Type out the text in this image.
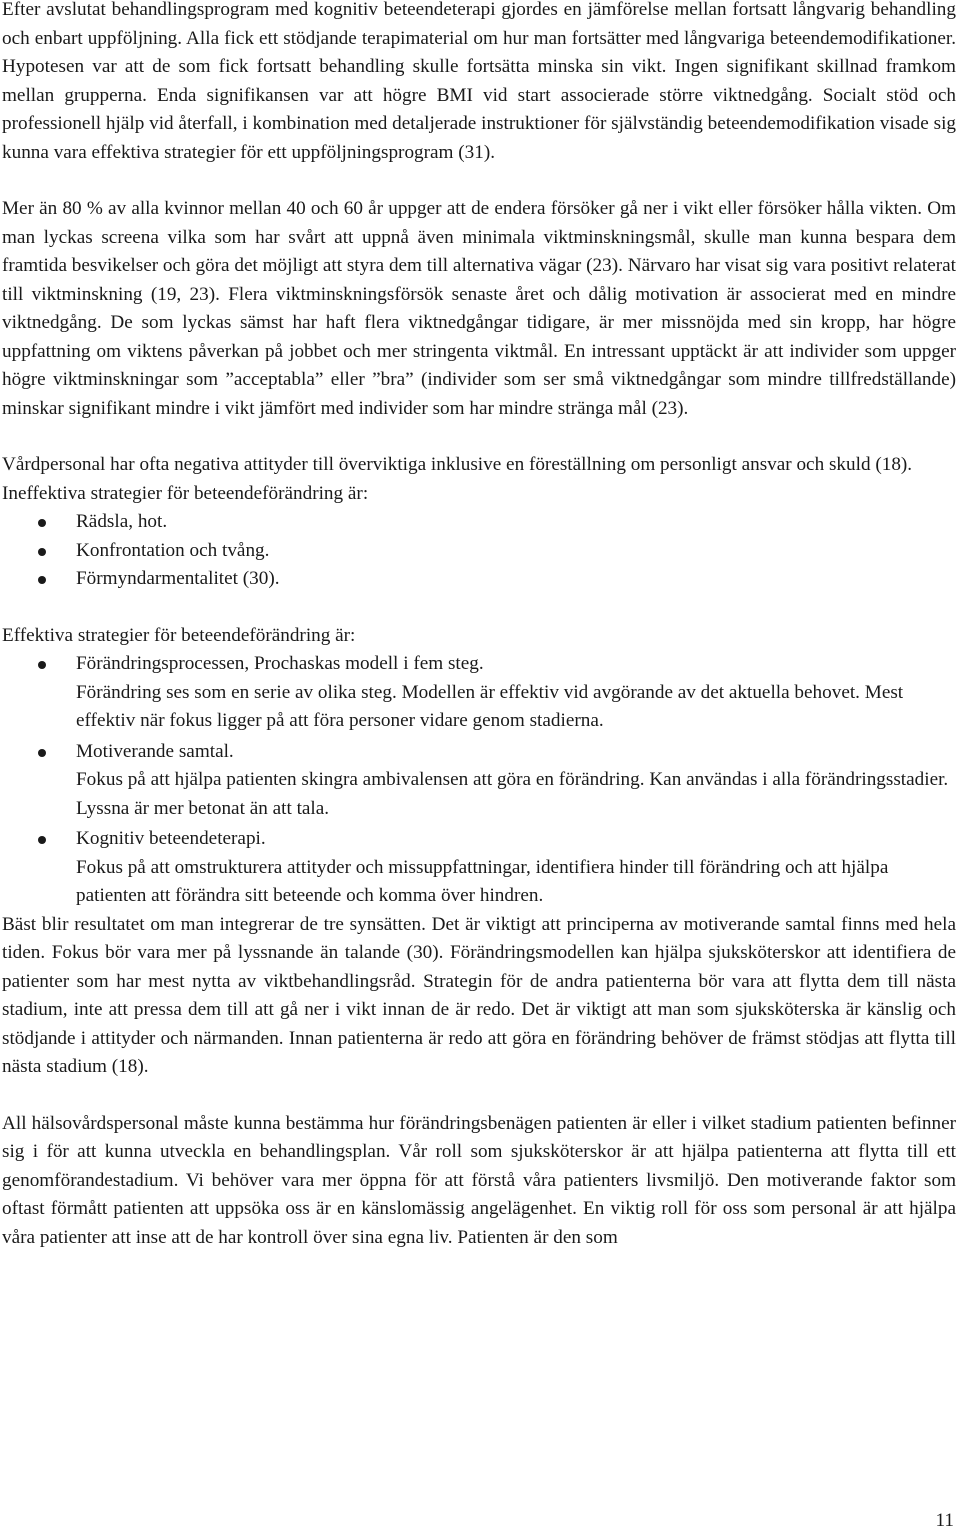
Efter avslutat behandlingsprogram med kognitiv beteendeterapi gjordes en jämförelse mellan fortsatt långvarig behandling och enbart uppföljning. Alla fick ett stödjande terapimaterial om hur man fortsätter med långvariga beteendemodifikationer. Hypotesen var att de som fick fortsatt behandling skulle fortsätta minska sin vikt. Ingen signifikant skillnad framkom mellan grupperna. Enda signifikansen var att högre BMI vid start associerade större viktnedgång. Socialt stöd och professionell hjälp vid återfall, i kombination med detaljerade instruktioner för självständig beteendemodifikation visade sig kunna vara effektiva strategier för ett uppföljningsprogram (31).

Mer än 80 % av alla kvinnor mellan 40 och 60 år uppger att de endera försöker gå ner i vikt eller försöker hålla vikten. Om man lyckas screena vilka som har svårt att uppnå även minimala viktminskningsmål, skulle man kunna bespara dem framtida besvikelser och göra det möjligt att styra dem till alternativa vägar (23). Närvaro har visat sig vara positivt relaterat till viktminskning (19, 23). Flera viktminskningsförsök senaste året och dålig motivation är associerat med en mindre viktnedgång. De som lyckas sämst har haft flera viktnedgångar tidigare, är mer missnöjda med sin kropp, har högre uppfattning om viktens påverkan på jobbet och mer stringenta viktmål. En intressant upptäckt är att individer som uppger högre viktminskningar som ”acceptabla” eller ”bra” (individer som ser små viktnedgångar som mindre tillfredställande) minskar signifikant mindre i vikt jämfört med individer som har mindre stränga mål (23).

Vårdpersonal har ofta negativa attityder till överviktiga inklusive en föreställning om personligt ansvar och skuld (18).

Ineffektiva strategier för beteendeförändring är:

Rädsla, hot.
Konfrontation och tvång.
Förmyndarmentalitet (30).

Effektiva strategier för beteendeförändring är:

Förändringsprocessen, Prochaskas modell i fem steg.
Förändring ses som en serie av olika steg. Modellen är effektiv vid avgörande av det aktuella behovet. Mest effektiv när fokus ligger på att föra personer vidare genom stadierna.
Motiverande samtal.
Fokus på att hjälpa patienten skingra ambivalensen att göra en förändring. Kan användas i alla förändringsstadier. Lyssna är mer betonat än att tala.
Kognitiv beteendeterapi.
Fokus på att omstrukturera attityder och missuppfattningar, identifiera hinder till förändring och att hjälpa patienten att förändra sitt beteende och komma över hindren.

Bäst blir resultatet om man integrerar de tre synsätten. Det är viktigt att principerna av motiverande samtal finns med hela tiden. Fokus bör vara mer på lyssnande än talande (30). Förändringsmodellen kan hjälpa sjuksköterskor att identifiera de patienter som har mest nytta av viktbehandlingsråd. Strategin för de andra patienterna bör vara att flytta dem till nästa stadium, inte att pressa dem till att gå ner i vikt innan de är redo. Det är viktigt att man som sjuksköterska är känslig och stödjande i attityder och närmanden. Innan patienterna är redo att göra en förändring behöver de främst stödjas att flytta till nästa stadium (18).

All hälsovårdspersonal måste kunna bestämma hur förändringsbenägen patienten är eller i vilket stadium patienten befinner sig i för att kunna utveckla en behandlingsplan. Vår roll som sjuksköterskor är att hjälpa patienterna att flytta till ett genomförandestadium. Vi behöver vara mer öppna för att förstå våra patienters livsmiljö. Den motiverande faktor som oftast förmått patienten att uppsöka oss är en känslomässig angelägenhet. En viktig roll för oss som personal är att hjälpa våra patienter att inse att de har kontroll över sina egna liv. Patienten är den som

11
